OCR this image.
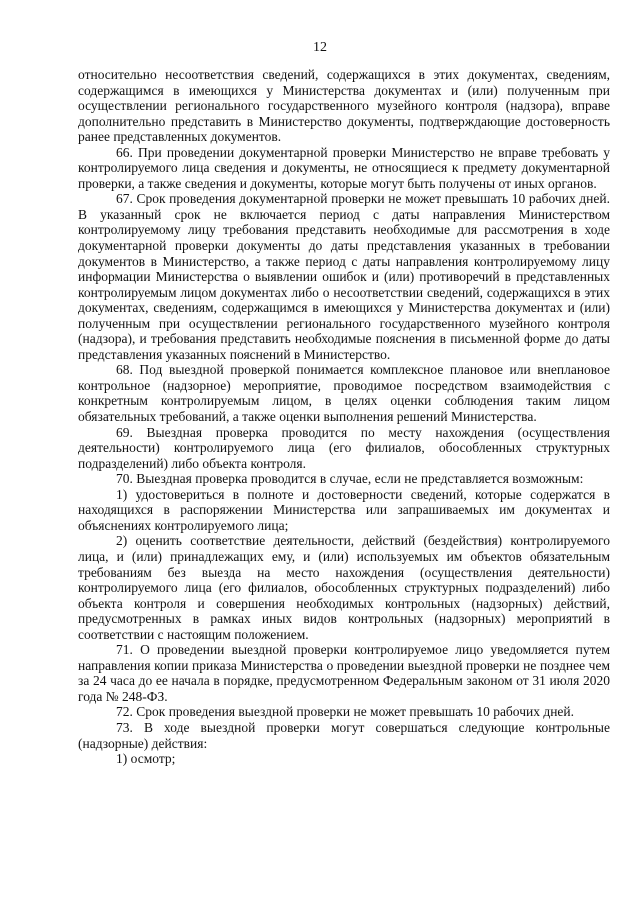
12

относительно несоответствия сведений, содержащихся в этих документах, сведениям, содержащимся в имеющихся у Министерства документах и (или) полученным при осуществлении регионального государственного музейного контроля (надзора), вправе дополнительно представить в Министерство документы, подтверждающие достоверность ранее представленных документов.

66. При проведении документарной проверки Министерство не вправе требовать у контролируемого лица сведения и документы, не относящиеся к предмету документарной проверки, а также сведения и документы, которые могут быть получены от иных органов.

67. Срок проведения документарной проверки не может превышать 10 рабочих дней. В указанный срок не включается период с даты направления Министерством контролируемому лицу требования представить необходимые для рассмотрения в ходе документарной проверки документы до даты представления указанных в требовании документов в Министерство, а также период с даты направления контролируемому лицу информации Министерства о выявлении ошибок и (или) противоречий в представленных контролируемым лицом документах либо о несоответствии сведений, содержащихся в этих документах, сведениям, содержащимся в имеющихся у Министерства документах и (или) полученным при осуществлении регионального государственного музейного контроля (надзора), и требования представить необходимые пояснения в письменной форме до даты представления указанных пояснений в Министерство.

68. Под выездной проверкой понимается комплексное плановое или внеплановое контрольное (надзорное) мероприятие, проводимое посредством взаимодействия с конкретным контролируемым лицом, в целях оценки соблюдения таким лицом обязательных требований, а также оценки выполнения решений Министерства.

69. Выездная проверка проводится по месту нахождения (осуществления деятельности) контролируемого лица (его филиалов, обособленных структурных подразделений) либо объекта контроля.

70. Выездная проверка проводится в случае, если не представляется возможным:

1) удостовериться в полноте и достоверности сведений, которые содержатся в находящихся в распоряжении Министерства или запрашиваемых им документах и объяснениях контролируемого лица;

2) оценить соответствие деятельности, действий (бездействия) контролируемого лица, и (или) принадлежащих ему, и (или) используемых им объектов обязательным требованиям без выезда на место нахождения (осуществления деятельности) контролируемого лица (его филиалов, обособленных структурных подразделений) либо объекта контроля и совершения необходимых контрольных (надзорных) действий, предусмотренных в рамках иных видов контрольных (надзорных) мероприятий в соответствии с настоящим положением.

71. О проведении выездной проверки контролируемое лицо уведомляется путем направления копии приказа Министерства о проведении выездной проверки не позднее чем за 24 часа до ее начала в порядке, предусмотренном Федеральным законом от 31 июля 2020 года № 248-ФЗ.

72. Срок проведения выездной проверки не может превышать 10 рабочих дней.

73. В ходе выездной проверки могут совершаться следующие контрольные (надзорные) действия:

1) осмотр;
